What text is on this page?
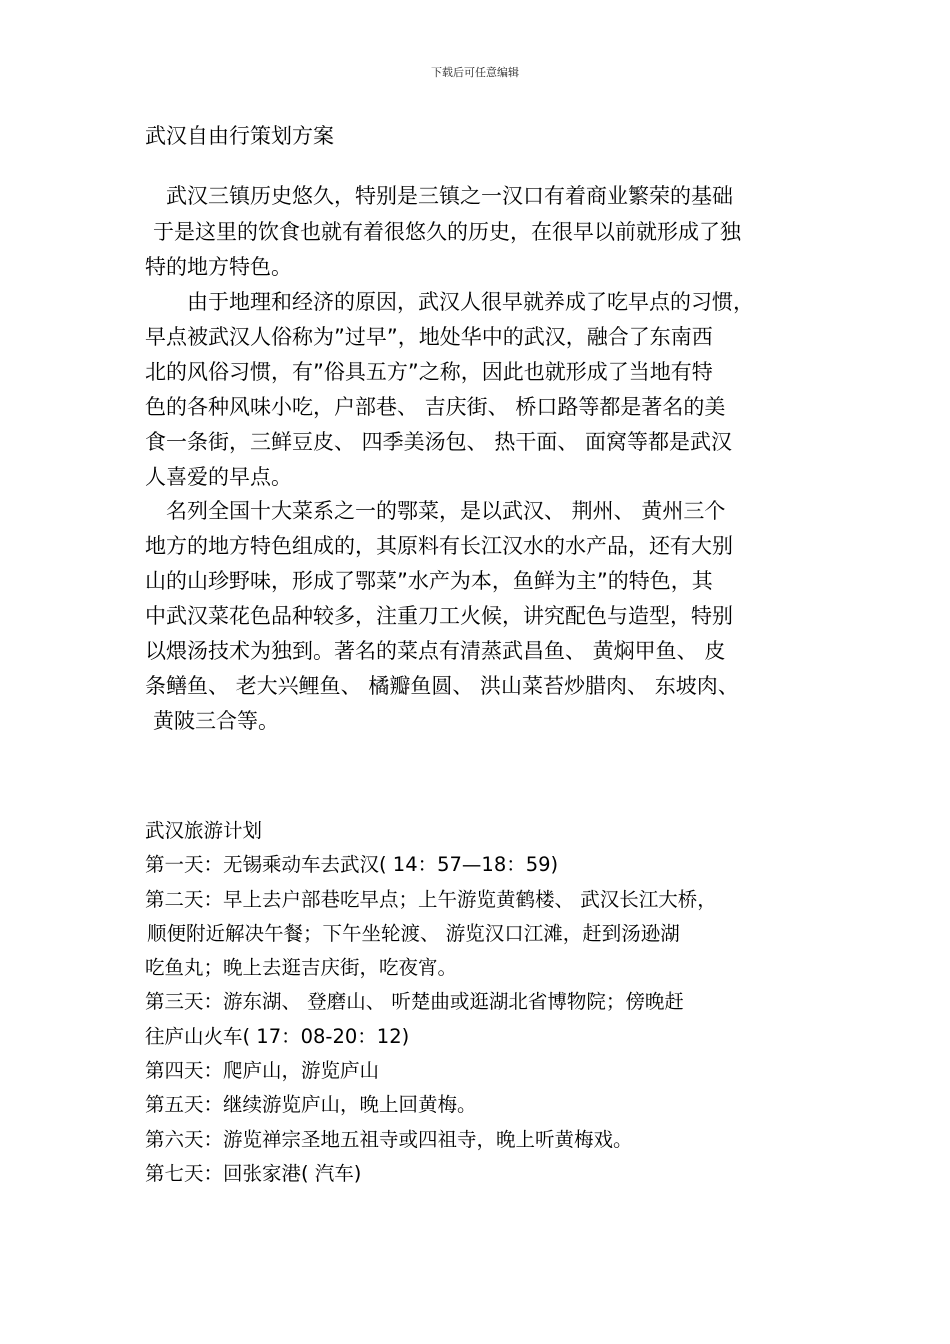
下载后可任意编辑
武汉自由行策划方案
　武汉三镇历史悠久，特别是三镇之一汉口有着商业繁荣的基础
于是这里的饮食也就有着很悠久的历史，在很早以前就形成了独
特的地方特色。
　　由于地理和经济的原因，武汉人很早就养成了吃早点的习惯，
早点被武汉人俗称为”过早”，地处华中的武汉，融合了东南西
北的风俗习惯，有”俗具五方”之称，因此也就形成了当地有特
色的各种风味小吃，户部巷、 吉庆街、 桥口路等都是著名的美
食一条街，三鲜豆皮、 四季美汤包、 热干面、 面窝等都是武汉
人喜爱的早点。
　名列全国十大菜系之一的鄂菜，是以武汉、 荆州、 黄州三个
地方的地方特色组成的，其原料有长江汉水的水产品，还有大别
山的山珍野味，形成了鄂菜”水产为本，鱼鲜为主”的特色，其
中武汉菜花色品种较多，注重刀工火候，讲究配色与造型，特别
以煨汤技术为独到。著名的菜点有清蒸武昌鱼、 黄焖甲鱼、 皮
条鳝鱼、 老大兴鲤鱼、 橘瓣鱼圆、 洪山菜苔炒腊肉、 东坡肉、
黄陂三合等。
武汉旅游计划
第一天：无锡乘动车去武汉( 14：57—18：59)
第二天：早上去户部巷吃早点；上午游览黄鹤楼、 武汉长江大桥，
顺便附近解决午餐；下午坐轮渡、 游览汉口江滩，赶到汤逊湖
吃鱼丸；晚上去逛吉庆街，吃夜宵。
第三天：游东湖、 登磨山、 听楚曲或逛湖北省博物院；傍晚赶
往庐山火车( 17：08-20：12)
第四天：爬庐山，游览庐山
第五天：继续游览庐山，晚上回黄梅。
第六天：游览禅宗圣地五祖寺或四祖寺，晚上听黄梅戏。
第七天：回张家港( 汽车)
